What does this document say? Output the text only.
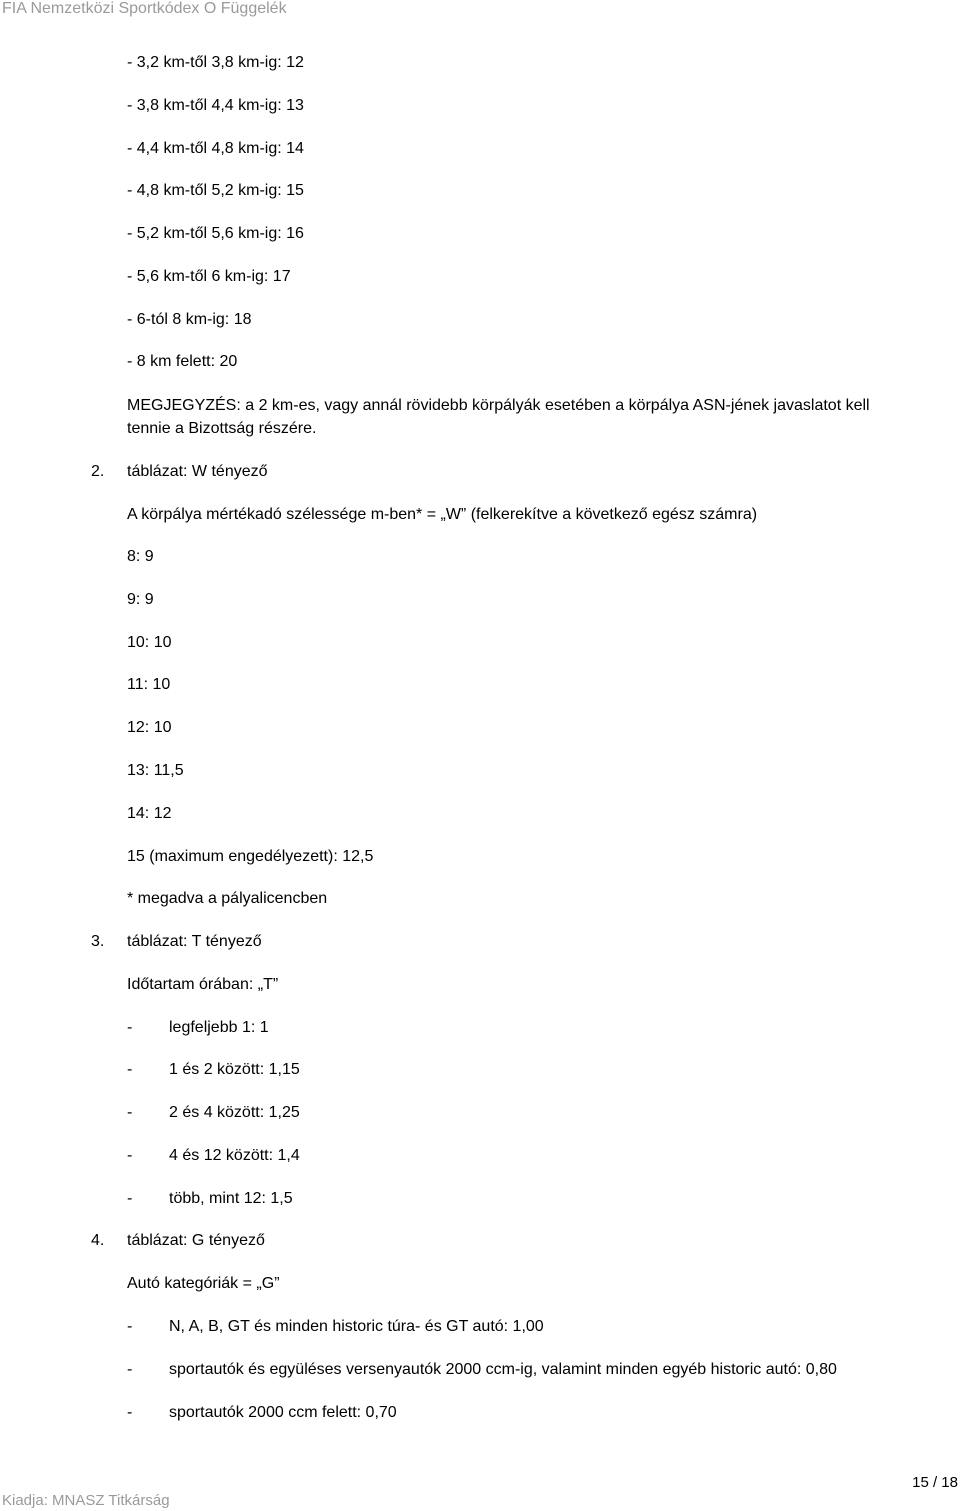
FIA Nemzetközi Sportkódex O Függelék
- 3,2 km-től 3,8 km-ig: 12
- 3,8 km-től 4,4 km-ig: 13
- 4,4 km-től 4,8 km-ig: 14
- 4,8 km-től 5,2 km-ig: 15
- 5,2 km-től 5,6 km-ig: 16
- 5,6 km-től 6 km-ig: 17
- 6-tól 8 km-ig: 18
- 8 km felett: 20
MEGJEGYZÉS: a 2 km-es, vagy annál rövidebb körpályák esetében a körpálya ASN-jének javaslatot kell
tennie a Bizottság részére.
2. táblázat: W tényező
A körpálya mértékadó szélessége m-ben* = „W” (felkerekítve a következő egész számra)
8: 9
9: 9
10: 10
11: 10
12: 10
13: 11,5
14: 12
15 (maximum engedélyezett): 12,5
* megadva a pályalicencben
3. táblázat: T tényező
Időtartam órában: „T”
- legfeljebb 1: 1
- 1 és 2 között: 1,15
- 2 és 4 között: 1,25
- 4 és 12 között: 1,4
- több, mint 12: 1,5
4. táblázat: G tényező
Autó kategóriák = „G”
- N, A, B, GT és minden historic túra- és GT autó: 1,00
- sportautók és együléses versenyautók 2000 ccm-ig, valamint minden egyéb historic autó: 0,80
- sportautók 2000 ccm felett: 0,70
15 / 18
Kiadja: MNASZ Titkárság
